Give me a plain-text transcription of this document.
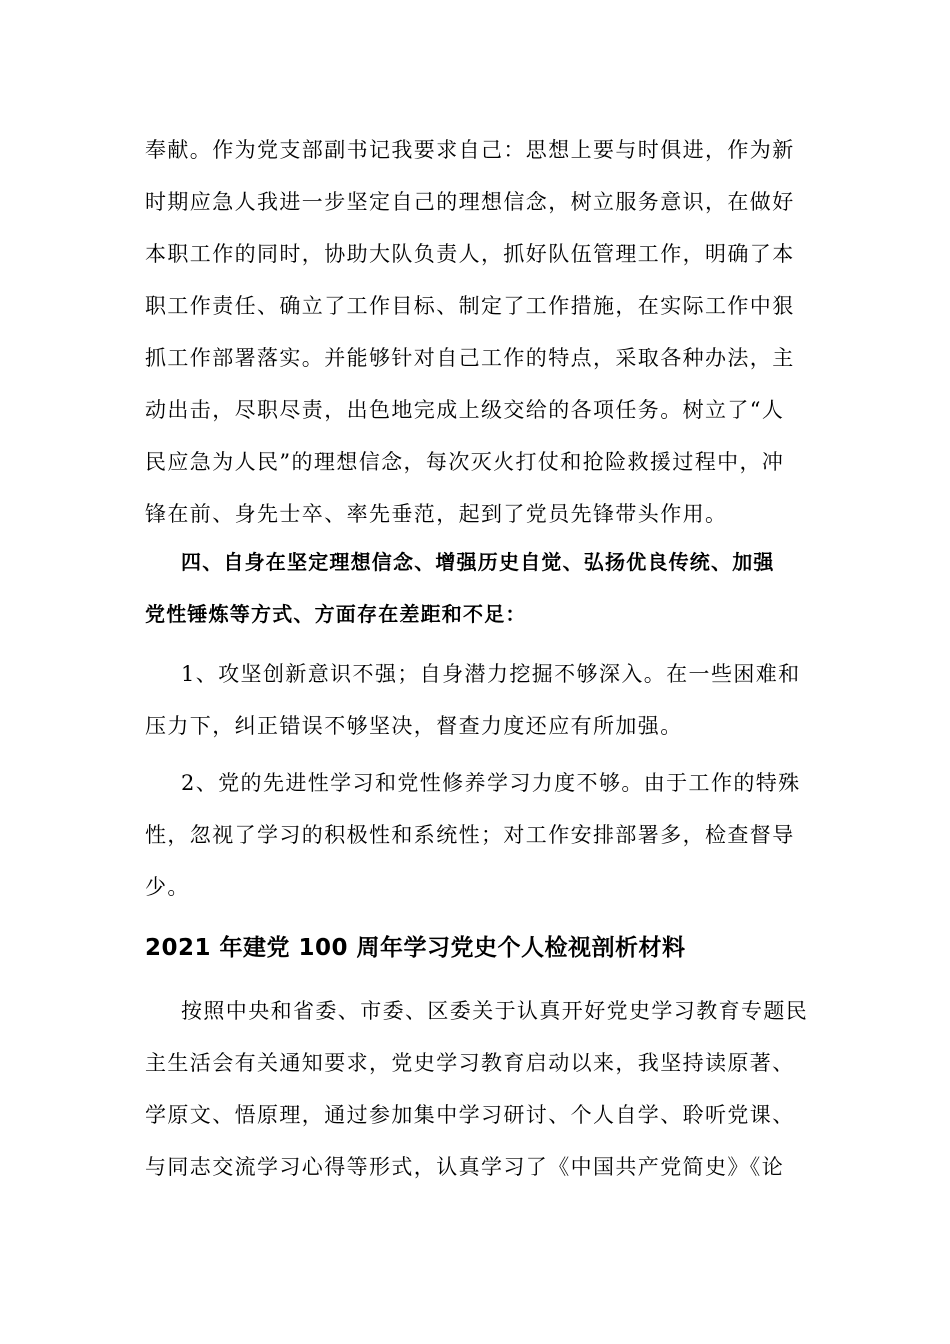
奉献。作为党支部副书记我要求自己：思想上要与时俱进，作为新
时期应急人我进一步坚定自己的理想信念，树立服务意识，在做好
本职工作的同时，协助大队负责人，抓好队伍管理工作，明确了本
职工作责任、确立了工作目标、制定了工作措施，在实际工作中狠
抓工作部署落实。并能够针对自己工作的特点，采取各种办法，主
动出击，尽职尽责，出色地完成上级交给的各项任务。树立了“人
民应急为人民”的理想信念，每次灭火打仗和抢险救援过程中，冲
锋在前、身先士卒、率先垂范，起到了党员先锋带头作用。
四、自身在坚定理想信念、增强历史自觉、弘扬优良传统、加强
党性锤炼等方式、方面存在差距和不足：
1、攻坚创新意识不强；自身潜力挖掘不够深入。在一些困难和
压力下，纠正错误不够坚决，督查力度还应有所加强。
2、党的先进性学习和党性修养学习力度不够。由于工作的特殊
性，忽视了学习的积极性和系统性；对工作安排部署多，检查督导
少。
2021 年建党 100 周年学习党史个人检视剖析材料
按照中央和省委、市委、区委关于认真开好党史学习教育专题民
主生活会有关通知要求，党史学习教育启动以来，我坚持读原著、
学原文、悟原理，通过参加集中学习研讨、个人自学、聆听党课、
与同志交流学习心得等形式，认真学习了《中国共产党简史》《论
